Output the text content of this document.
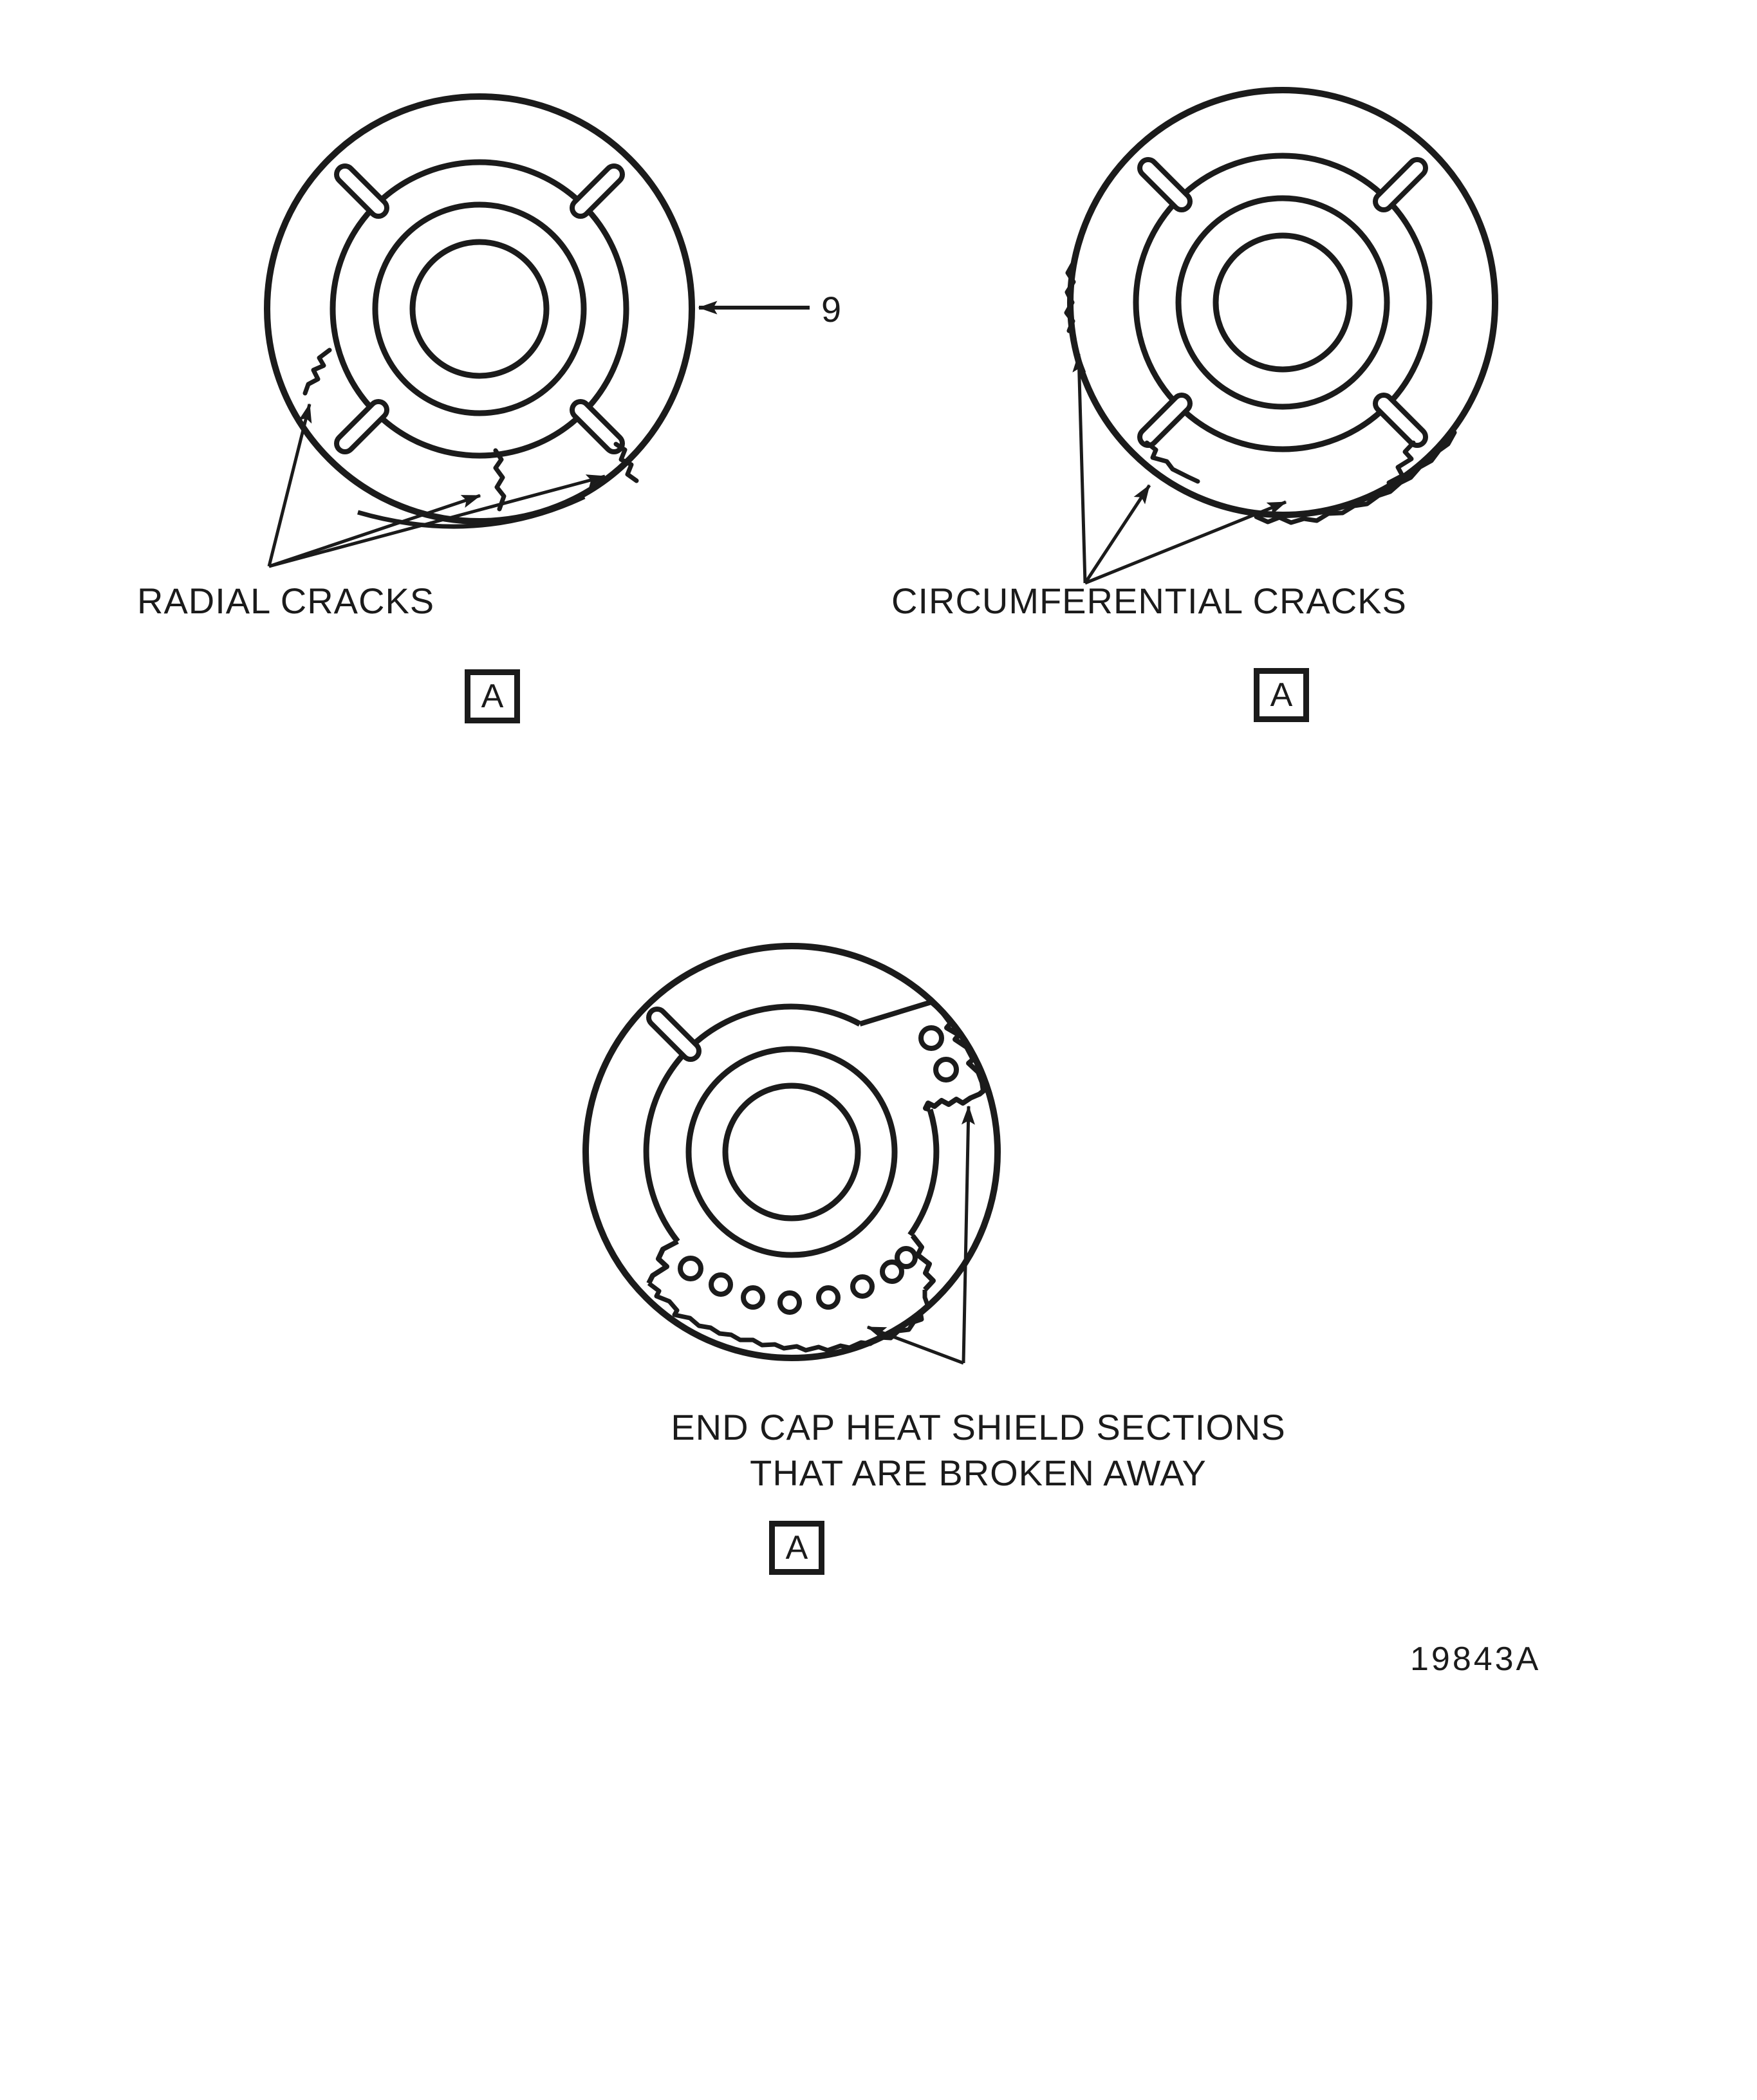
RADIAL CRACKS	CIRCUMFERENTIAL CRACKS
9
A	A
END CAP HEAT SHIELD SECTIONS
THAT ARE BROKEN AWAY
A
19843A
